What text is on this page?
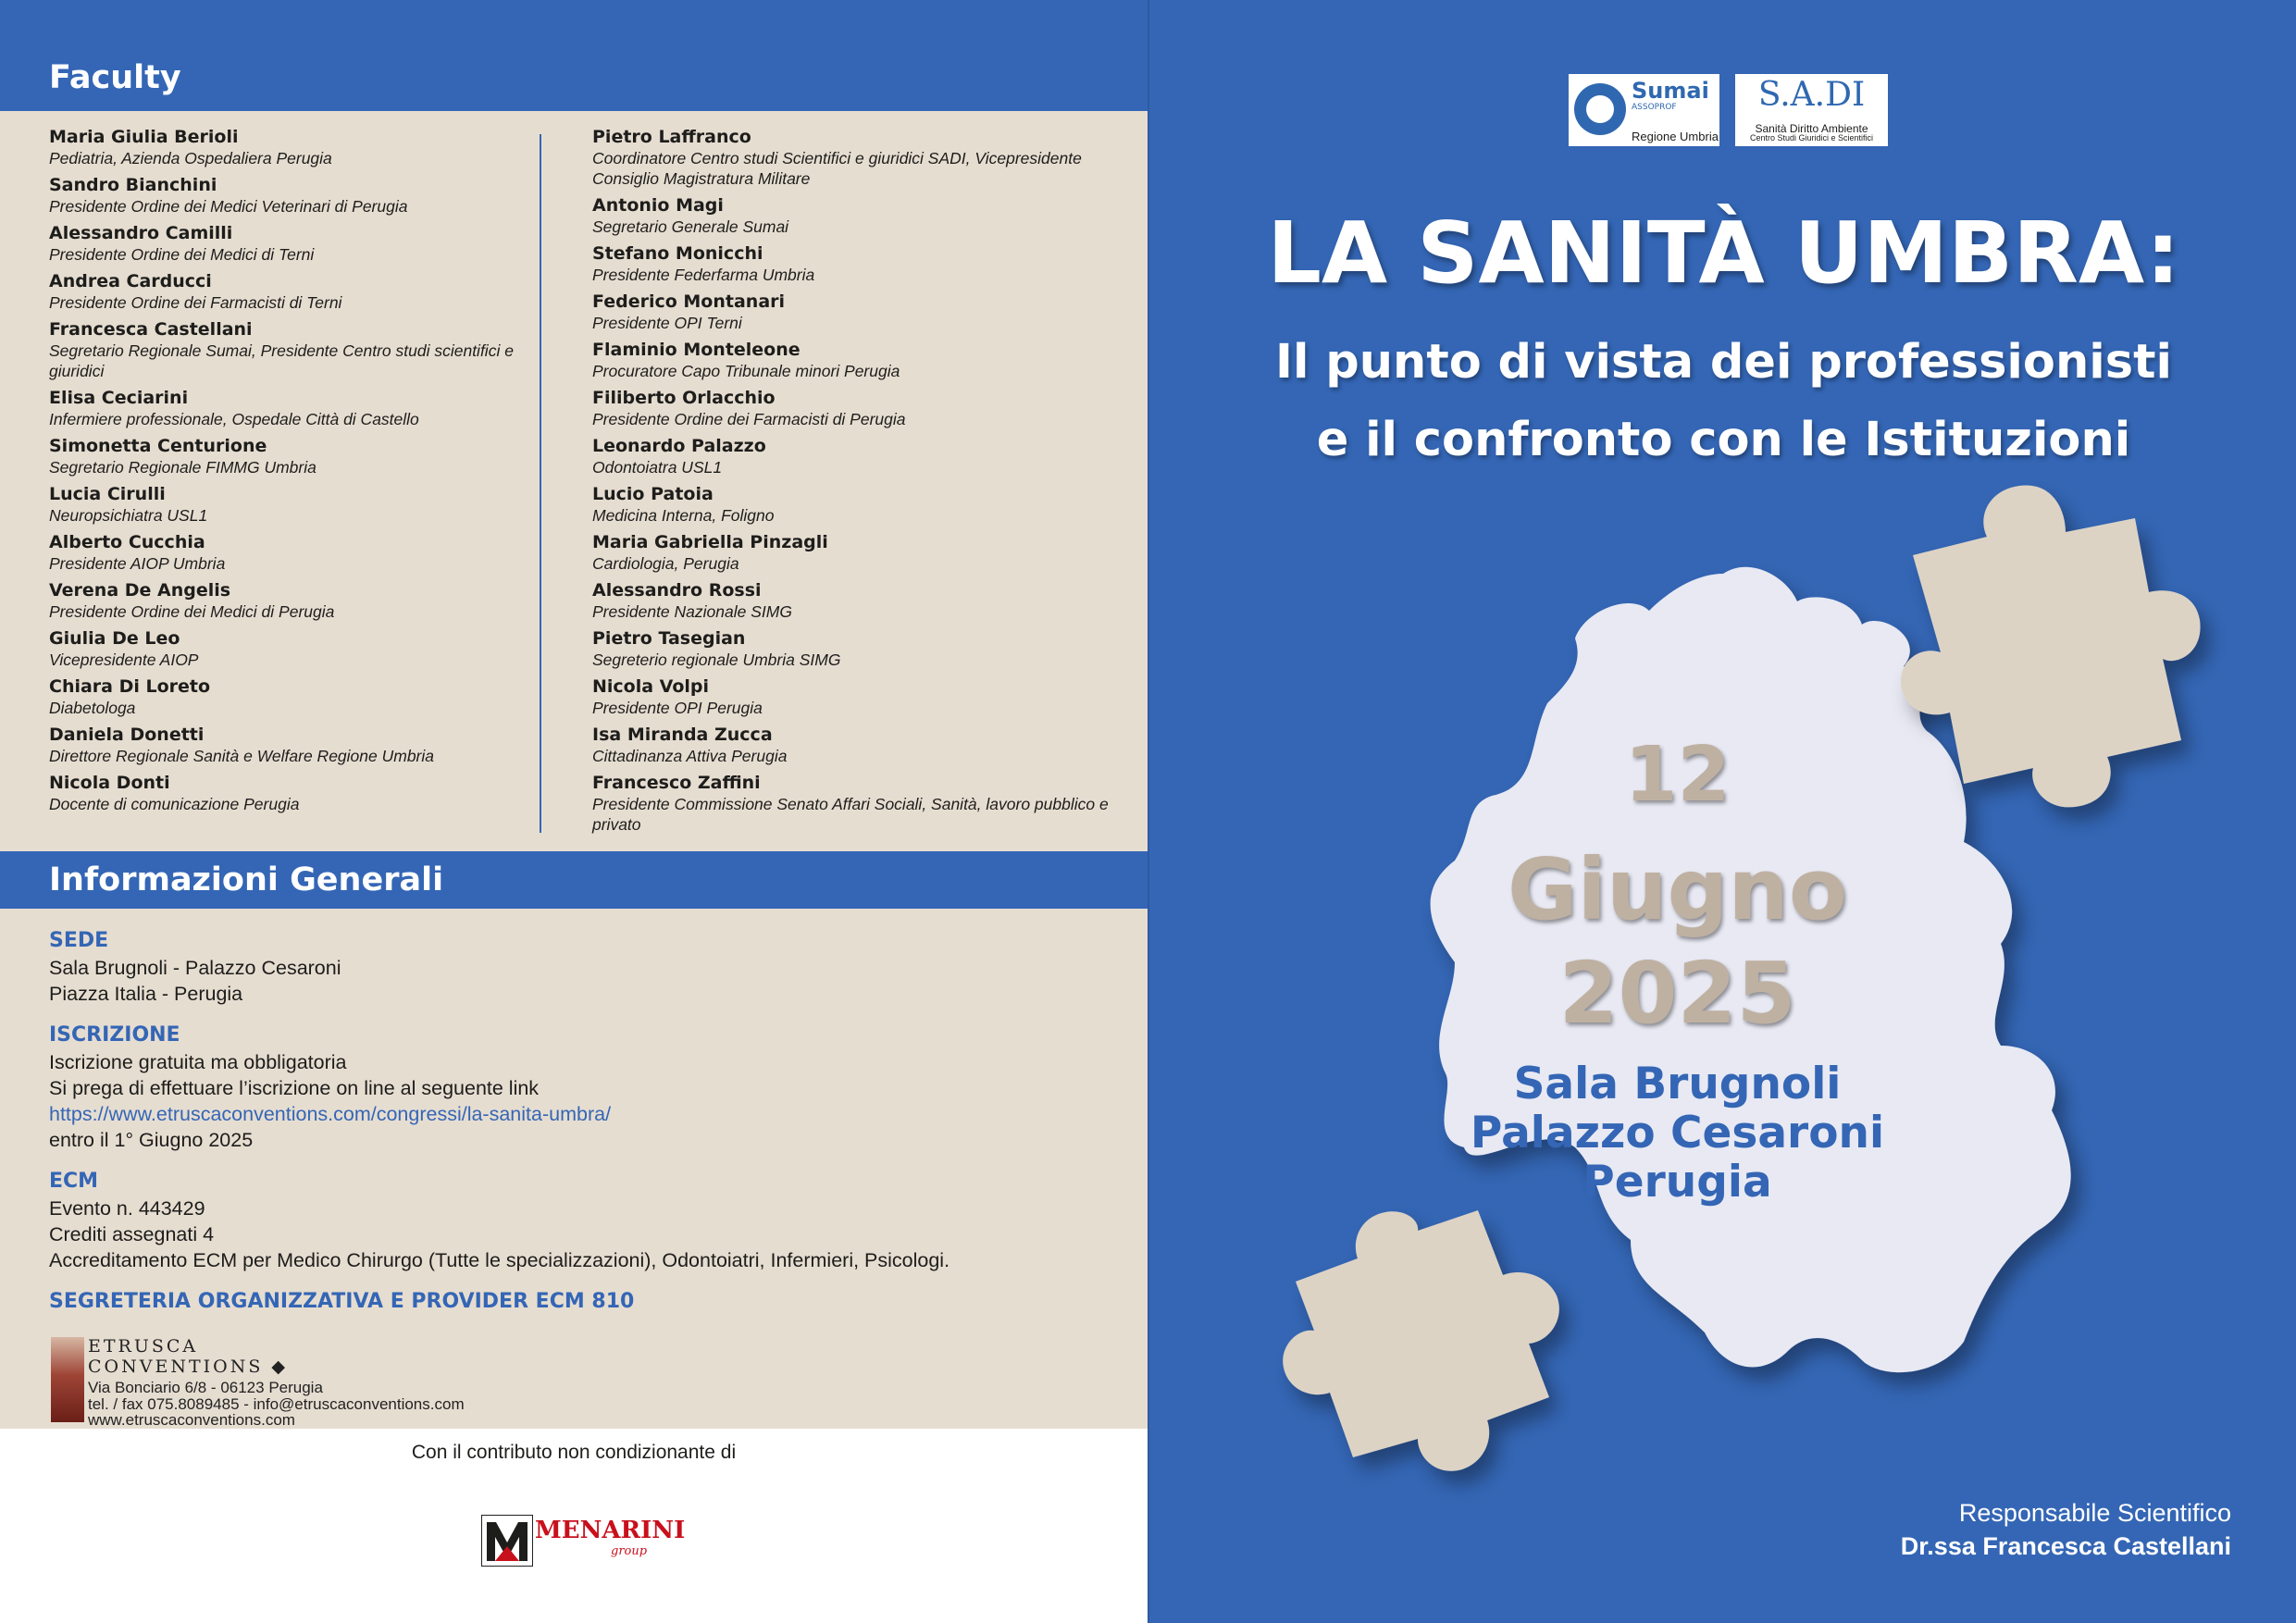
Faculty
Maria Giulia Berioli
Pediatria, Azienda Ospedaliera Perugia
Sandro Bianchini
Presidente Ordine dei Medici Veterinari di Perugia
Alessandro Camilli
Presidente Ordine dei Medici di Terni
Andrea Carducci
Presidente Ordine dei Farmacisti di Terni
Francesca Castellani
Segretario Regionale Sumai, Presidente Centro studi scientifici e giuridici
Elisa Ceciarini
Infermiere professionale, Ospedale Città di Castello
Simonetta Centurione
Segretario Regionale FIMMG Umbria
Lucia Cirulli
Neuropsichiatra USL1
Alberto Cucchia
Presidente AIOP Umbria
Verena De Angelis
Presidente Ordine dei Medici di Perugia
Giulia De Leo
Vicepresidente AIOP
Chiara Di Loreto
Diabetologa
Daniela Donetti
Direttore Regionale Sanità e Welfare Regione Umbria
Nicola Donti
Docente di comunicazione Perugia
Pietro Laffranco
Coordinatore Centro studi Scientifici e giuridici SADI, Vicepresidente Consiglio Magistratura Militare
Antonio Magi
Segretario Generale Sumai
Stefano Monicchi
Presidente Federfarma Umbria
Federico Montanari
Presidente OPI Terni
Flaminio Monteleone
Procuratore Capo Tribunale minori Perugia
Filiberto Orlacchio
Presidente Ordine dei Farmacisti di Perugia
Leonardo Palazzo
Odontoiatra USL1
Lucio Patoia
Medicina Interna, Foligno
Maria Gabriella Pinzagli
Cardiologia, Perugia
Alessandro Rossi
Presidente Nazionale SIMG
Pietro Tasegian
Segreterio regionale Umbria SIMG
Nicola Volpi
Presidente OPI Perugia
Isa Miranda Zucca
Cittadinanza Attiva Perugia
Francesco Zaffini
Presidente Commissione Senato Affari Sociali, Sanità, lavoro pubblico e privato
Informazioni Generali
SEDE
Sala Brugnoli - Palazzo Cesaroni
Piazza Italia - Perugia
ISCRIZIONE
Iscrizione gratuita ma obbligatoria
Si prega di effettuare l’iscrizione on line al seguente link
https://www.etruscaconventions.com/congressi/la-sanita-umbra/
entro il 1° Giugno 2025
ECM
Evento n. 443429
Crediti assegnati 4
Accreditamento ECM per Medico Chirurgo (Tutte le specializzazioni), Odontoiatri, Infermieri, Psicologi.
SEGRETERIA ORGANIZZATIVA E PROVIDER ECM 810
ETRUSCA
CONVENTIONS ◆
Via Bonciario 6/8 - 06123 Perugia
tel. / fax 075.8089485 - info@etruscaconventions.com
www.etruscaconventions.com
Con il contributo non condizionante di
MENARINI
group
Sumai
ASSOPROF
Regione Umbria
S.A.DI
Sanità Diritto Ambiente
Centro Studi Giuridici e Scientifici
LA SANITÀ UMBRA:
Il punto di vista dei professionisti
e il confronto con le Istituzioni
12
Giugno
2025
Sala Brugnoli
Palazzo Cesaroni
Perugia
Responsabile Scientifico
Dr.ssa Francesca Castellani
